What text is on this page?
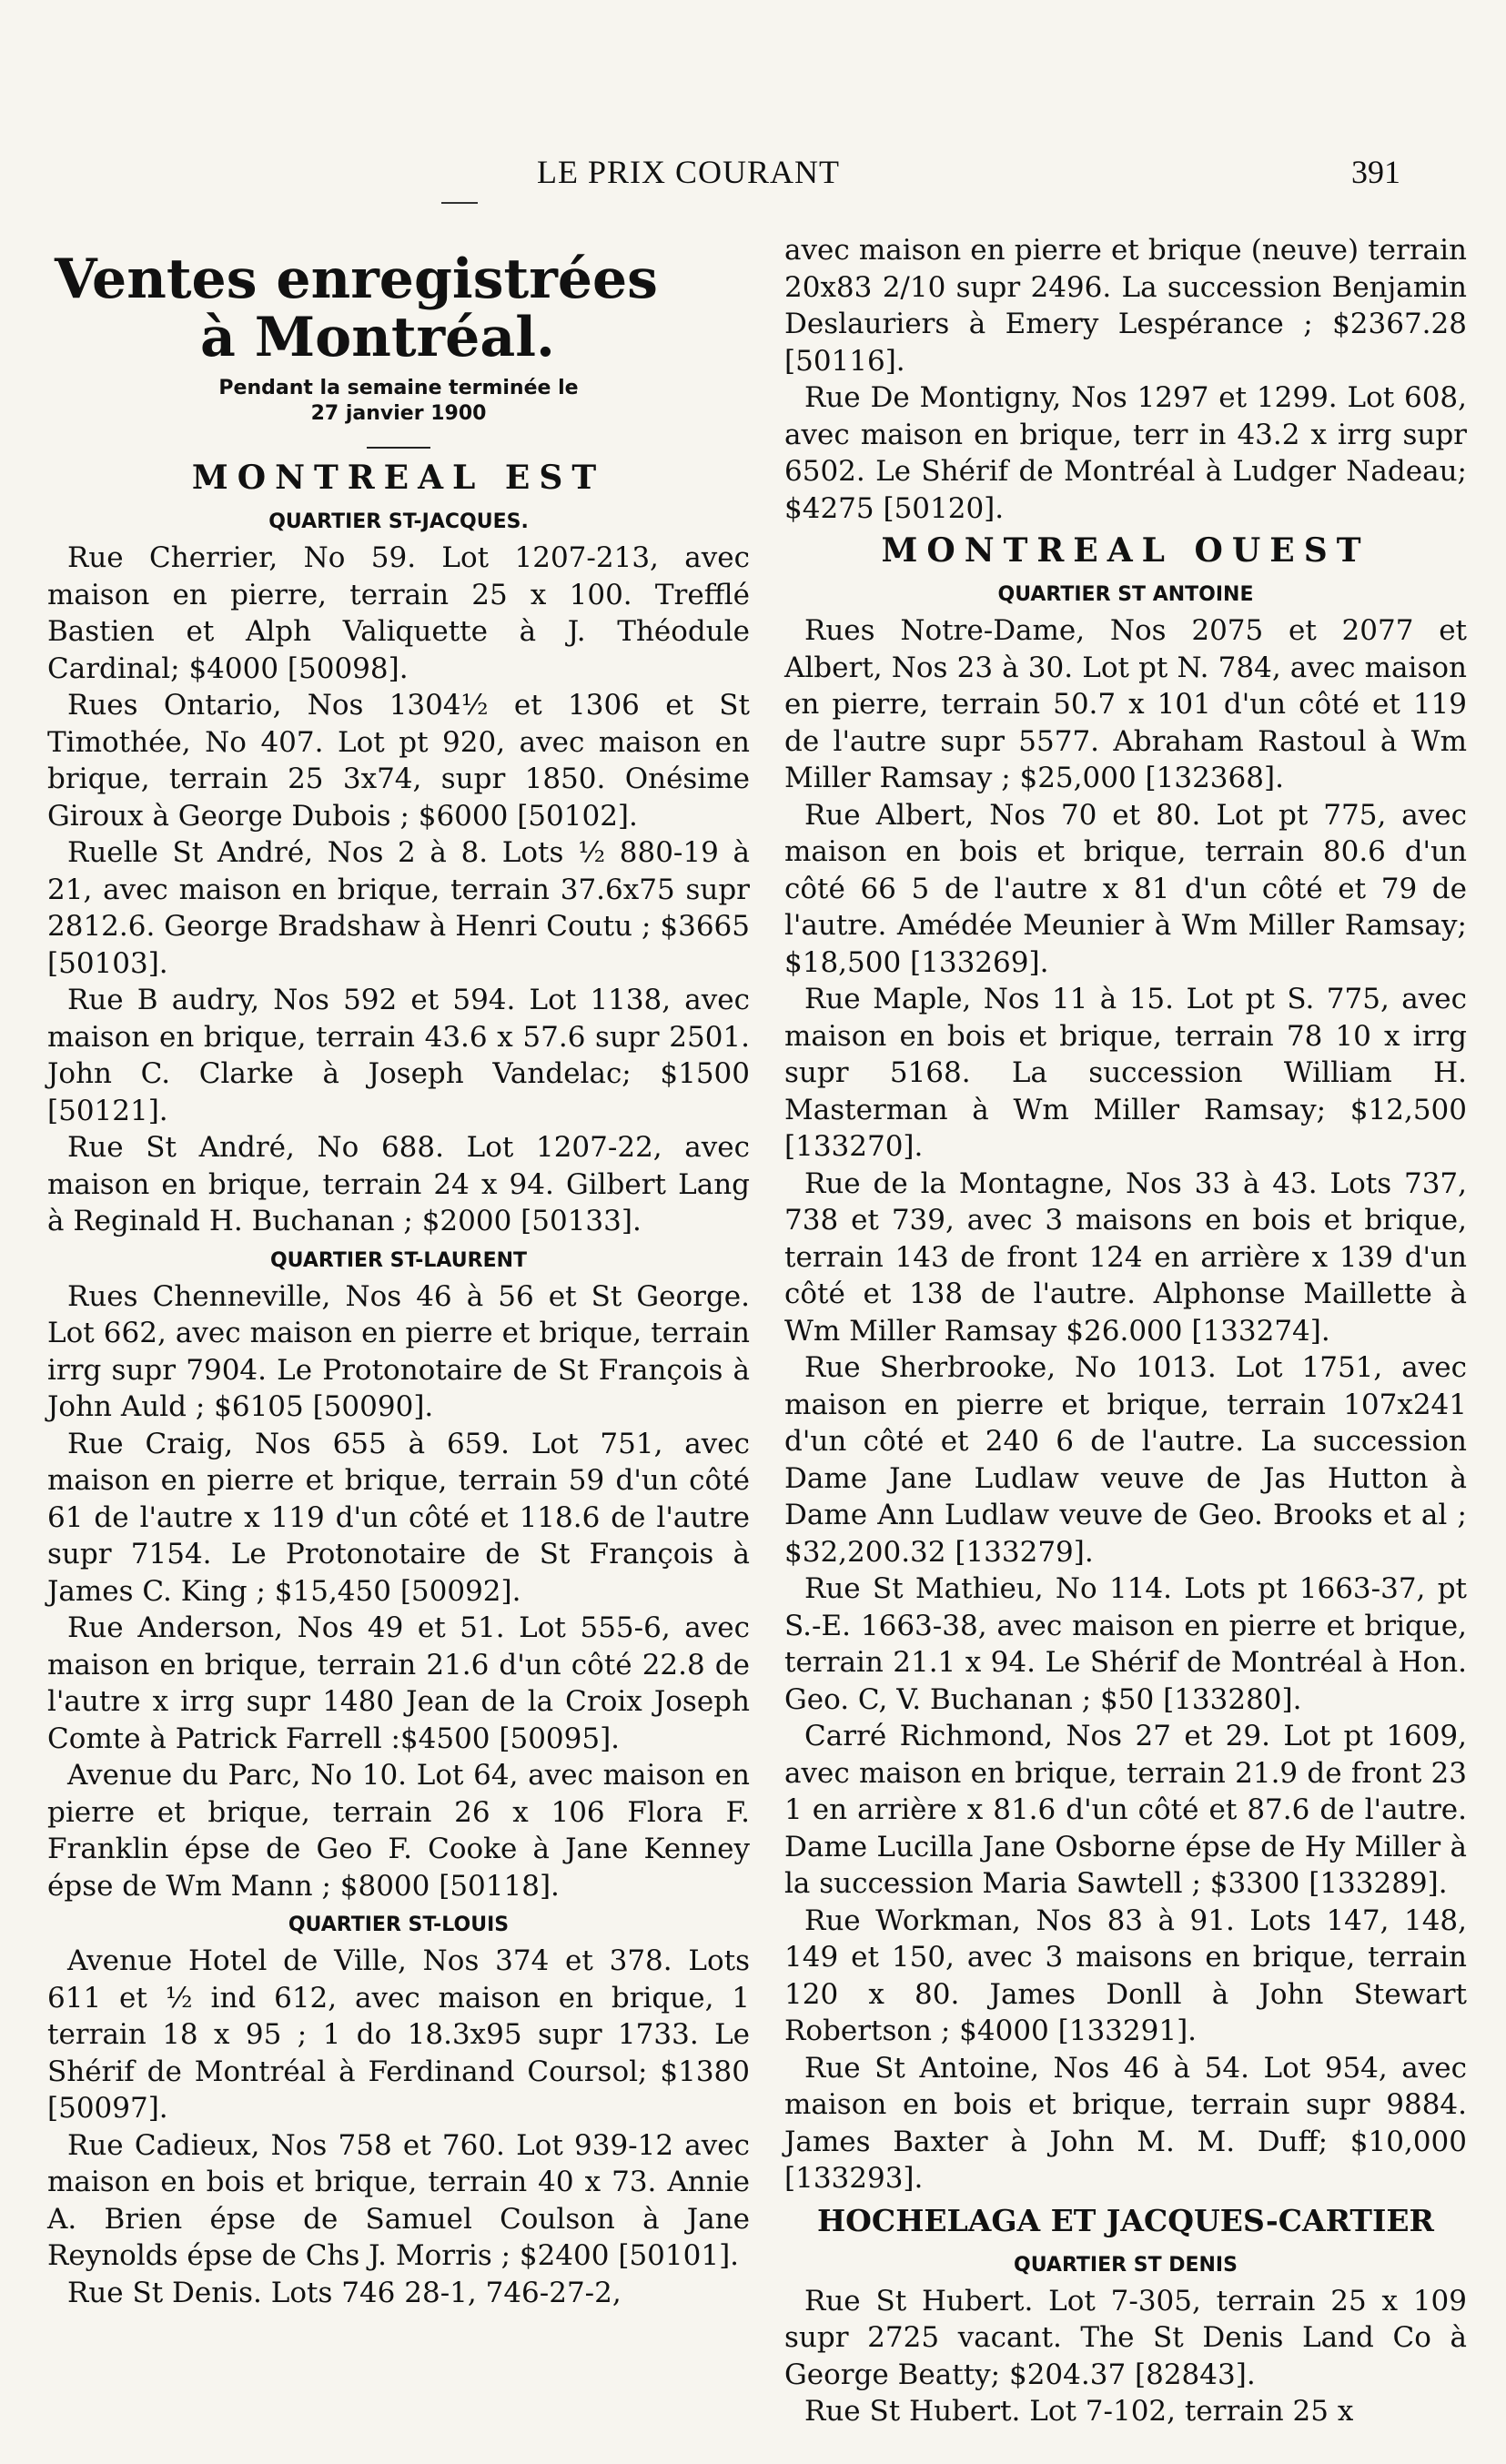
LE PRIX COURANT	391
Ventes enregistrées
à Montréal.
Pendant la semaine terminée le
27 janvier 1900
MONTREAL EST
QUARTIER ST-JACQUES.

Rue Cherrier, No 59. Lot 1207-213, avec maison en pierre, terrain 25 x 100. Trefflé Bastien et Alph Valiquette à J. Théodule Cardinal; $4000 [50098].

Rues Ontario, Nos 1304½ et 1306 et St Timothée, No 407. Lot pt 920, avec maison en brique, terrain 25 3x74, supr 1850. Onésime Giroux à George Dubois ; $6000 [50102].

Ruelle St André, Nos 2 à 8. Lots ½ 880-19 à 21, avec maison en brique, terrain 37.6x75 supr 2812.6. George Bradshaw à Henri Coutu ; $3665 [50103].

Rue B audry, Nos 592 et 594. Lot 1138, avec maison en brique, terrain 43.6 x 57.6 supr 2501. John C. Clarke à Joseph Vandelac; $1500 [50121].

Rue St André, No 688. Lot 1207-22, avec maison en brique, terrain 24 x 94. Gilbert Lang à Reginald H. Buchanan ; $2000 [50133].

QUARTIER ST-LAURENT

Rues Chenneville, Nos 46 à 56 et St George. Lot 662, avec maison en pierre et brique, terrain irrg supr 7904. Le Protonotaire de St François à John Auld ; $6105 [50090].

Rue Craig, Nos 655 à 659. Lot 751, avec maison en pierre et brique, terrain 59 d'un côté 61 de l'autre x 119 d'un côté et 118.6 de l'autre supr 7154. Le Protonotaire de St François à James C. King ; $15,450 [50092].

Rue Anderson, Nos 49 et 51. Lot 555-6, avec maison en brique, terrain 21.6 d'un côté 22.8 de l'autre x irrg supr 1480 Jean de la Croix Joseph Comte à Patrick Farrell :$4500 [50095].

Avenue du Parc, No 10. Lot 64, avec maison en pierre et brique, terrain 26 x 106 Flora F. Franklin épse de Geo F. Cooke à Jane Kenney épse de Wm Mann ; $8000 [50118].

QUARTIER ST-LOUIS

Avenue Hotel de Ville, Nos 374 et 378. Lots 611 et ½ ind 612, avec maison en brique, 1 terrain 18 x 95 ; 1 do 18.3x95 supr 1733. Le Shérif de Montréal à Ferdinand Coursol; $1380 [50097].

Rue Cadieux, Nos 758 et 760. Lot 939-12 avec maison en bois et brique, terrain 40 x 73. Annie A. Brien épse de Samuel Coulson à Jane Reynolds épse de Chs J. Morris ; $2400 [50101].

Rue St Denis. Lots 746 28-1, 746-27-2,

avec maison en pierre et brique (neuve) terrain 20x83 2/10 supr 2496. La succession Benjamin Deslauriers à Emery Lespérance ; $2367.28 [50116].

Rue De Montigny, Nos 1297 et 1299. Lot 608, avec maison en brique, terr in 43.2 x irrg supr 6502. Le Shérif de Montréal à Ludger Nadeau; $4275 [50120].

MONTREAL OUEST
QUARTIER ST ANTOINE

Rues Notre-Dame, Nos 2075 et 2077 et Albert, Nos 23 à 30. Lot pt N. 784, avec maison en pierre, terrain 50.7 x 101 d'un côté et 119 de l'autre supr 5577. Abraham Rastoul à Wm Miller Ramsay ; $25,000 [132368].

Rue Albert, Nos 70 et 80. Lot pt 775, avec maison en bois et brique, terrain 80.6 d'un côté 66 5 de l'autre x 81 d'un côté et 79 de l'autre. Amédée Meunier à Wm Miller Ramsay; $18,500 [133269].

Rue Maple, Nos 11 à 15. Lot pt S. 775, avec maison en bois et brique, terrain 78 10 x irrg supr 5168. La succession William H. Masterman à Wm Miller Ramsay; $12,500 [133270].

Rue de la Montagne, Nos 33 à 43. Lots 737, 738 et 739, avec 3 maisons en bois et brique, terrain 143 de front 124 en arrière x 139 d'un côté et 138 de l'autre. Alphonse Maillette à Wm Miller Ramsay $26.000 [133274].

Rue Sherbrooke, No 1013. Lot 1751, avec maison en pierre et brique, terrain 107x241 d'un côté et 240 6 de l'autre. La succession Dame Jane Ludlaw veuve de Jas Hutton à Dame Ann Ludlaw veuve de Geo. Brooks et al ; $32,200.32 [133279].

Rue St Mathieu, No 114. Lots pt 1663-37, pt S.-E. 1663-38, avec maison en pierre et brique, terrain 21.1 x 94. Le Shérif de Montréal à Hon. Geo. C, V. Buchanan ; $50 [133280].

Carré Richmond, Nos 27 et 29. Lot pt 1609, avec maison en brique, terrain 21.9 de front 23 1 en arrière x 81.6 d'un côté et 87.6 de l'autre. Dame Lucilla Jane Osborne épse de Hy Miller à la succession Maria Sawtell ; $3300 [133289].

Rue Workman, Nos 83 à 91. Lots 147, 148, 149 et 150, avec 3 maisons en brique, terrain 120 x 80. James Donll à John Stewart Robertson ; $4000 [133291].

Rue St Antoine, Nos 46 à 54. Lot 954, avec maison en bois et brique, terrain supr 9884. James Baxter à John M. M. Duff; $10,000 [133293].

HOCHELAGA ET JACQUES-CARTIER
QUARTIER ST DENIS

Rue St Hubert. Lot 7-305, terrain 25 x 109 supr 2725 vacant. The St Denis Land Co à George Beatty; $204.37 [82843].

Rue St Hubert. Lot 7-102, terrain 25 x
